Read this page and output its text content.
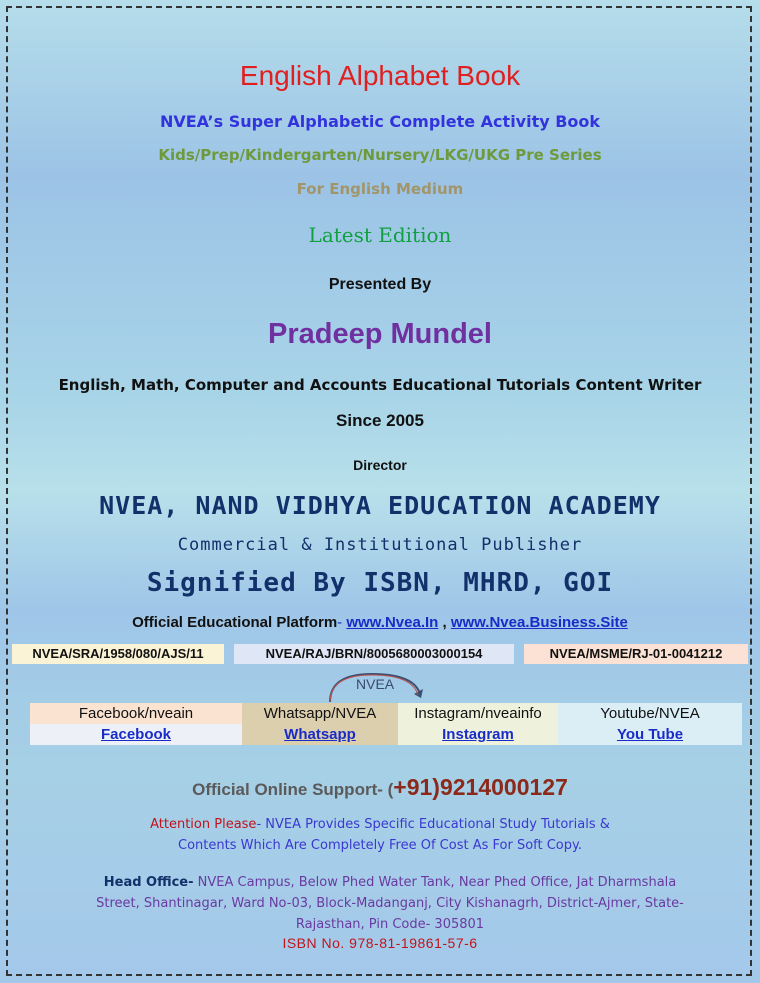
English Alphabet Book
NVEA’s Super Alphabetic Complete Activity Book
Kids/Prep/Kindergarten/Nursery/LKG/UKG Pre Series
For English Medium
Latest Edition
Presented By
Pradeep Mundel
English, Math, Computer and Accounts Educational Tutorials Content Writer
Since 2005
Director
NVEA, NAND VIDHYA EDUCATION ACADEMY
Commercial & Institutional Publisher
Signified By ISBN, MHRD, GOI
Official Educational Platform- www.Nvea.In , www.Nvea.Business.Site
NVEA/SRA/1958/080/AJS/11	NVEA/RAJ/BRN/8005680003000154	NVEA/MSME/RJ-01-0041212
NVEA
Facebook/nveain
Facebook
Whatsapp/NVEA
Whatsapp
Instagram/nveainfo
Instagram
Youtube/NVEA
You Tube
Official Online Support- (+91)9214000127
Attention Please- NVEA Provides Specific Educational Study Tutorials & Contents Which Are Completely Free Of Cost As For Soft Copy.
Head Office- NVEA Campus, Below Phed Water Tank, Near Phed Office, Jat Dharmshala Street, Shantinagar, Ward No-03, Block-Madanganj, City Kishanagrh, District-Ajmer, State-Rajasthan, Pin Code- 305801
ISBN No. 978-81-19861-57-6
